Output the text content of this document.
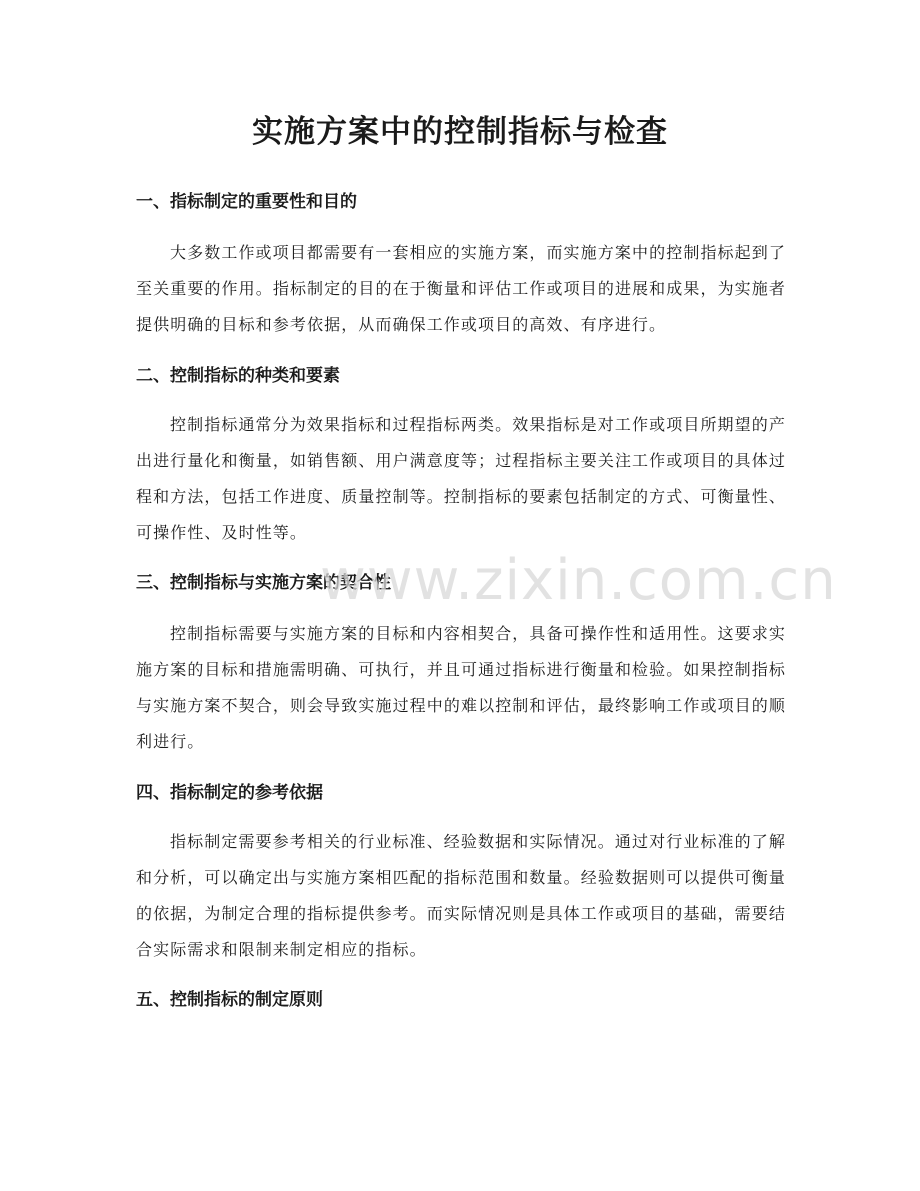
实施方案中的控制指标与检查
一、指标制定的重要性和目的

大多数工作或项目都需要有一套相应的实施方案，而实施方案中的控制指标起到了至关重要的作用。指标制定的目的在于衡量和评估工作或项目的进展和成果，为实施者提供明确的目标和参考依据，从而确保工作或项目的高效、有序进行。

二、控制指标的种类和要素

控制指标通常分为效果指标和过程指标两类。效果指标是对工作或项目所期望的产出进行量化和衡量，如销售额、用户满意度等；过程指标主要关注工作或项目的具体过程和方法，包括工作进度、质量控制等。控制指标的要素包括制定的方式、可衡量性、可操作性、及时性等。

三、控制指标与实施方案的契合性

控制指标需要与实施方案的目标和内容相契合，具备可操作性和适用性。这要求实施方案的目标和措施需明确、可执行，并且可通过指标进行衡量和检验。如果控制指标与实施方案不契合，则会导致实施过程中的难以控制和评估，最终影响工作或项目的顺利进行。

四、指标制定的参考依据

指标制定需要参考相关的行业标准、经验数据和实际情况。通过对行业标准的了解和分析，可以确定出与实施方案相匹配的指标范围和数量。经验数据则可以提供可衡量的依据，为制定合理的指标提供参考。而实际情况则是具体工作或项目的基础，需要结合实际需求和限制来制定相应的指标。

五、控制指标的制定原则
www.zixin.com.cn
